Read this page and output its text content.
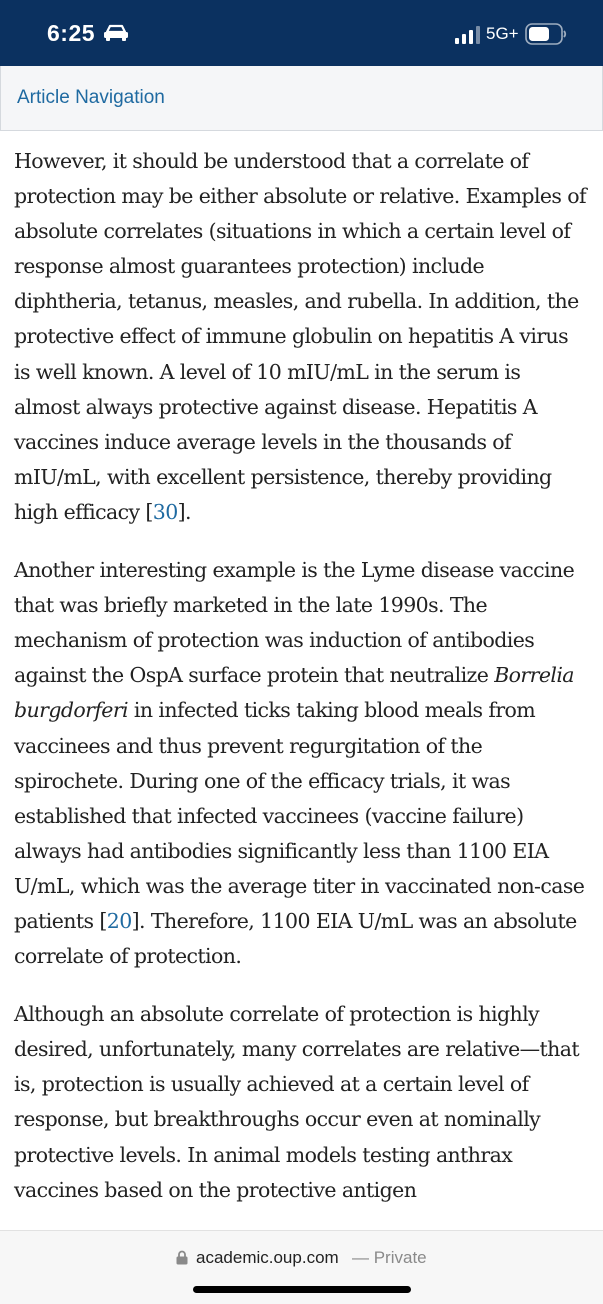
6:25	5G+
Article Navigation

However, it should be understood that a correlate of protection may be either absolute or relative. Examples of absolute correlates (situations in which a certain level of response almost guarantees protection) include diphtheria, tetanus, measles, and rubella. In addition, the protective effect of immune globulin on hepatitis A virus is well known. A level of 10 mIU/mL in the serum is almost always protective against disease. Hepatitis A vaccines induce average levels in the thousands of mIU/mL, with excellent persistence, thereby providing high efficacy [30].

Another interesting example is the Lyme disease vaccine that was briefly marketed in the late 1990s. The mechanism of protection was induction of antibodies against the OspA surface protein that neutralize Borrelia burgdorferi in infected ticks taking blood meals from vaccinees and thus prevent regurgitation of the spirochete. During one of the efficacy trials, it was established that infected vaccinees (vaccine failure) always had antibodies significantly less than 1100 EIA U/mL, which was the average titer in vaccinated non-case patients [20]. Therefore, 1100 EIA U/mL was an absolute correlate of protection.

Although an absolute correlate of protection is highly desired, unfortunately, many correlates are relative—that is, protection is usually achieved at a certain level of response, but breakthroughs occur even at nominally protective levels. In animal models testing anthrax vaccines based on the protective antigen

academic.oup.com — Private
